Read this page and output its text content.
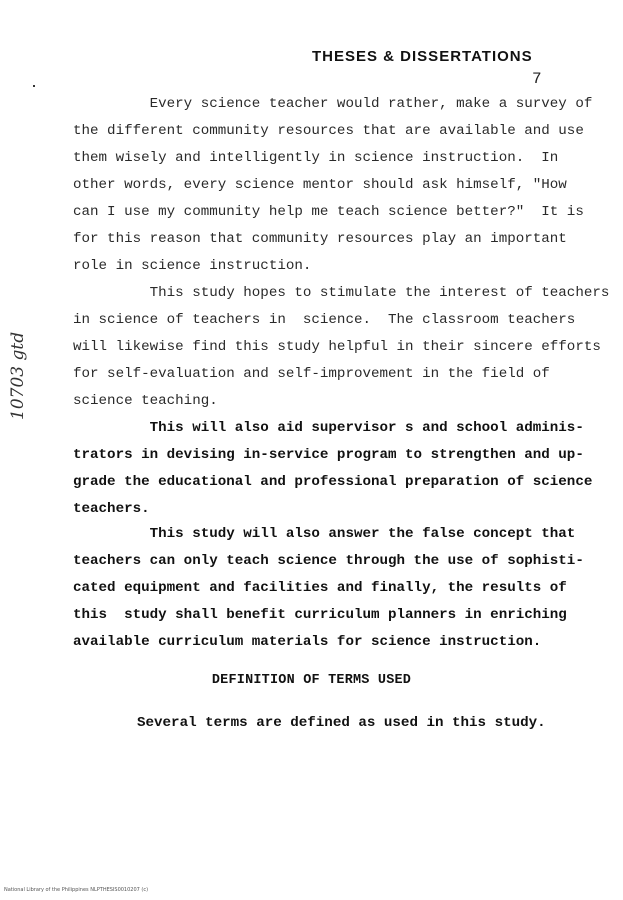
THESES & DISSERTATIONS
7
10703 gtd

Every science teacher would rather, make a survey of
the different community resources that are available and use
them wisely and intelligently in science instruction.  In
other words, every science mentor should ask himself, "How
can I use my community help me teach science better?"  It is
for this reason that community resources play an important
role in science instruction.

This study hopes to stimulate the interest of teachers
in science of teachers in  science.  The classroom teachers
will likewise find this study helpful in their sincere efforts
for self-evaluation and self-improvement in the field of
science teaching.

This will also aid supervisor s and school adminis-
trators in devising in-service program to strengthen and up-
grade the educational and professional preparation of science
teachers.

This study will also answer the false concept that
teachers can only teach science through the use of sophisti-
cated equipment and facilities and finally, the results of
this  study shall benefit curriculum planners in enriching
available curriculum materials for science instruction.

DEFINITION OF TERMS USED

Several terms are defined as used in this study.

National Library of the Philippines NLPTHESIS0010207 (c)
